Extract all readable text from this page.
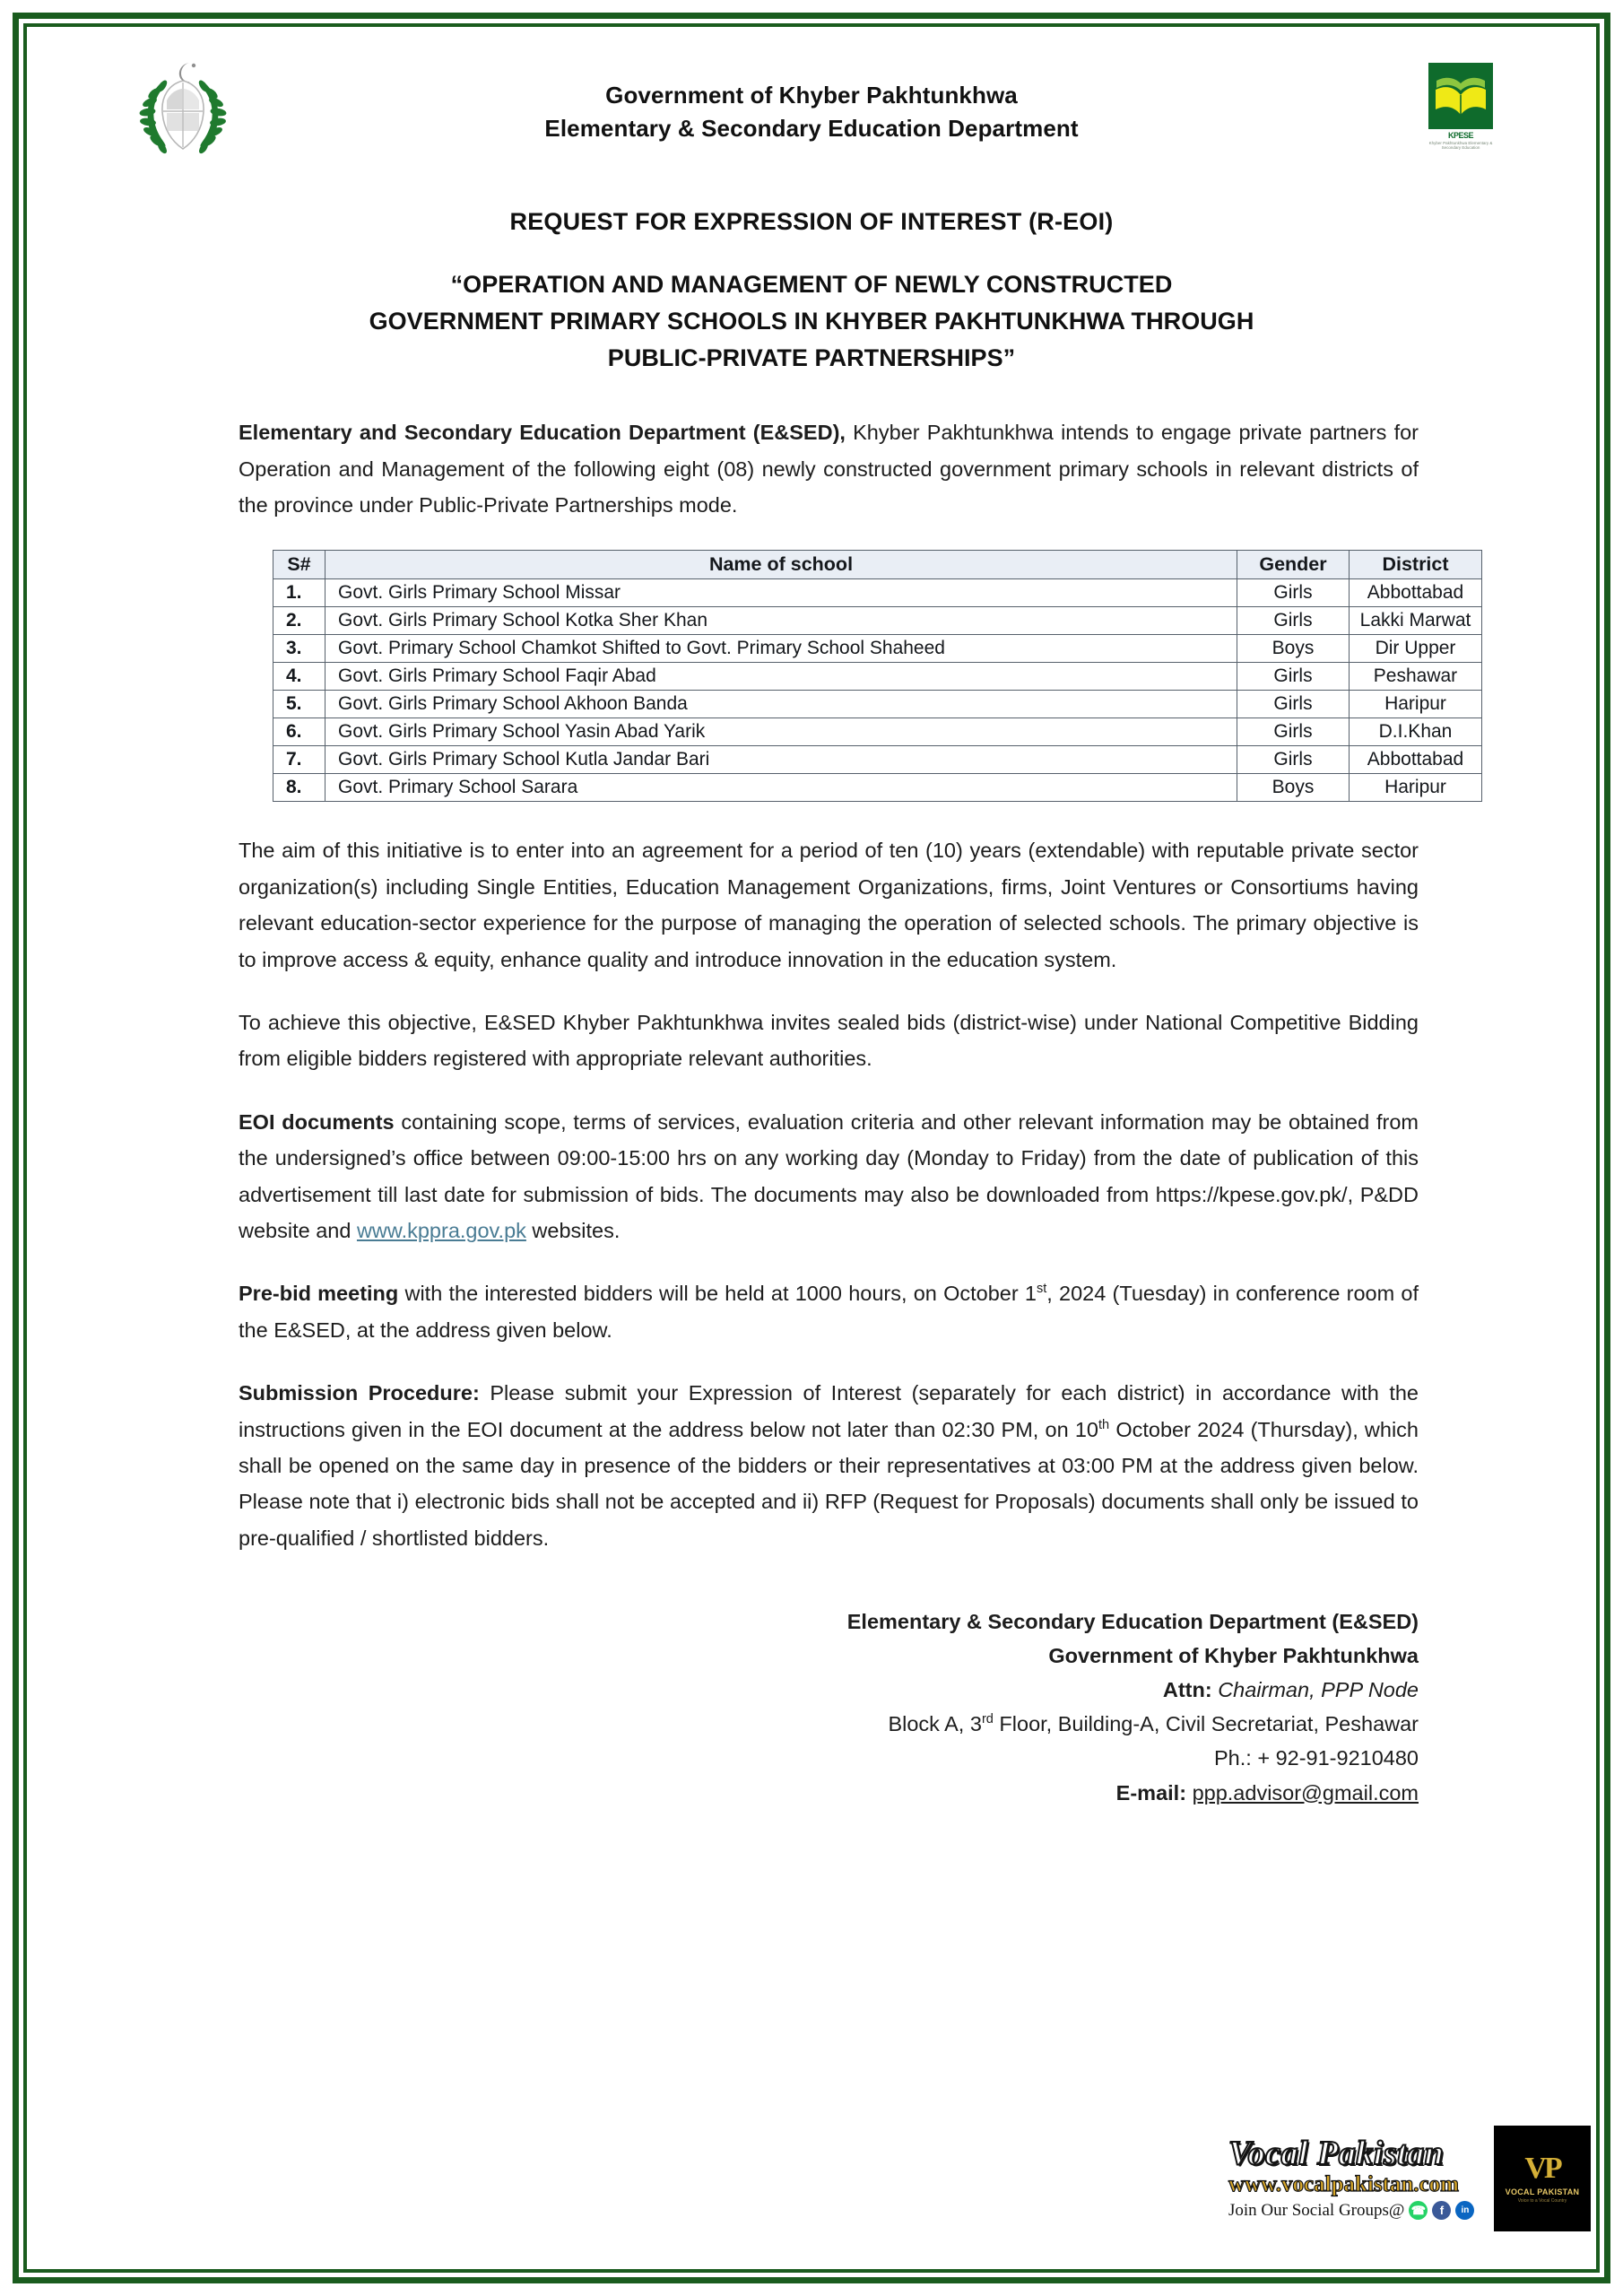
Government of Khyber Pakhtunkhwa
Elementary & Secondary Education Department	KPESE
Khyber Pakhtunkhwa Elementary & Secondary Education
REQUEST FOR EXPRESSION OF INTEREST (R-EOI)
“OPERATION AND MANAGEMENT OF NEWLY CONSTRUCTED
GOVERNMENT PRIMARY SCHOOLS IN KHYBER PAKHTUNKHWA THROUGH
PUBLIC-PRIVATE PARTNERSHIPS”

Elementary and Secondary Education Department (E&SED), Khyber Pakhtunkhwa intends to engage private partners for Operation and Management of the following eight (08) newly constructed government primary schools in relevant districts of the province under Public-Private Partnerships mode.

S#	Name of school	Gender	District
1.	Govt. Girls Primary School Missar	Girls	Abbottabad
2.	Govt. Girls Primary School Kotka Sher Khan	Girls	Lakki Marwat
3.	Govt. Primary School Chamkot Shifted to Govt. Primary School Shaheed	Boys	Dir Upper
4.	Govt. Girls Primary School Faqir Abad	Girls	Peshawar
5.	Govt. Girls Primary School Akhoon Banda	Girls	Haripur
6.	Govt. Girls Primary School Yasin Abad Yarik	Girls	D.I.Khan
7.	Govt. Girls Primary School Kutla Jandar Bari	Girls	Abbottabad
8.	Govt. Primary School Sarara	Boys	Haripur

The aim of this initiative is to enter into an agreement for a period of ten (10) years (extendable) with reputable private sector organization(s) including Single Entities, Education Management Organizations, firms, Joint Ventures or Consortiums having relevant education-sector experience for the purpose of managing the operation of selected schools. The primary objective is to improve access & equity, enhance quality and introduce innovation in the education system.

To achieve this objective, E&SED Khyber Pakhtunkhwa invites sealed bids (district-wise) under National Competitive Bidding from eligible bidders registered with appropriate relevant authorities.

EOI documents containing scope, terms of services, evaluation criteria and other relevant information may be obtained from the undersigned’s office between 09:00-15:00 hrs on any working day (Monday to Friday) from the date of publication of this advertisement till last date for submission of bids. The documents may also be downloaded from https://kpese.gov.pk/, P&DD website and www.kppra.gov.pk websites.

Pre-bid meeting with the interested bidders will be held at 1000 hours, on October 1st, 2024 (Tuesday) in conference room of the E&SED, at the address given below.

Submission Procedure: Please submit your Expression of Interest (separately for each district) in accordance with the instructions given in the EOI document at the address below not later than 02:30 PM, on 10th October 2024 (Thursday), which shall be opened on the same day in presence of the bidders or their representatives at 03:00 PM at the address given below. Please note that i) electronic bids shall not be accepted and ii) RFP (Request for Proposals) documents shall only be issued to pre-qualified / shortlisted bidders.

Elementary & Secondary Education Department (E&SED)
Government of Khyber Pakhtunkhwa
Attn: Chairman, PPP Node
Block A, 3rd Floor, Building-A, Civil Secretariat, Peshawar
Ph.: + 92-91-9210480
E-mail: ppp.advisor@gmail.com
Vocal Pakistan
www.vocalpakistan.com
Join Our Social Groups@ ☎	f	in
VP
VOCAL PAKISTAN
Voice to a Vocal Country
